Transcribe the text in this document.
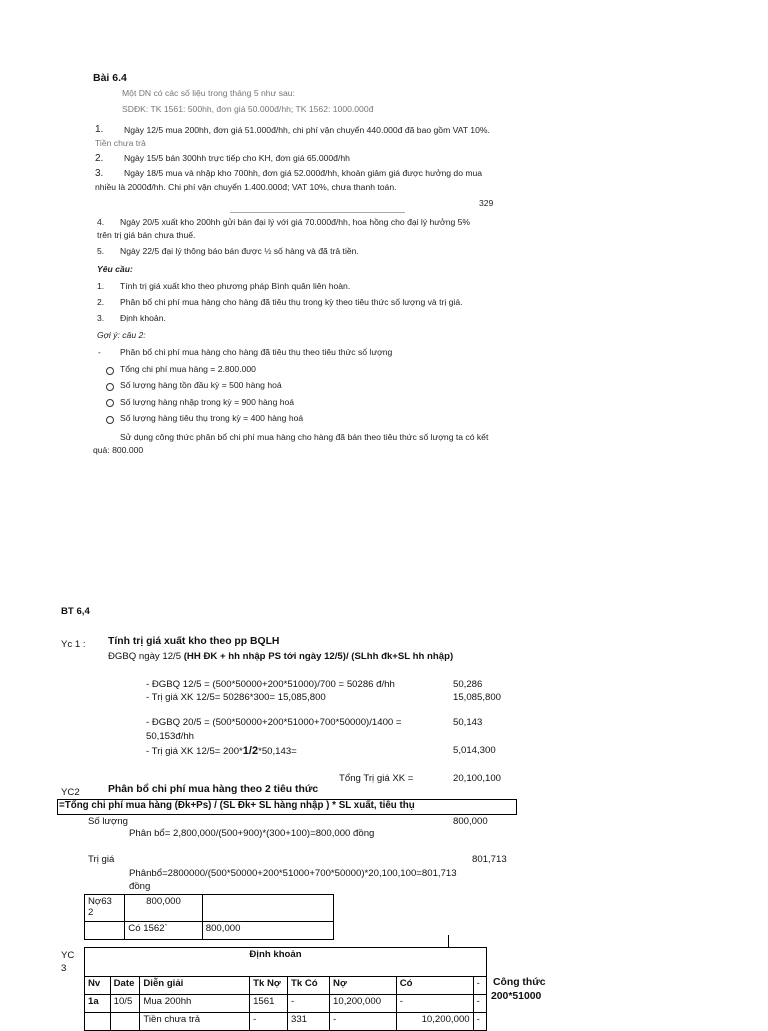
Bài 6.4
Một DN có các số liệu trong tháng 5 như sau:
SDĐK: TK 1561: 500hh, đơn giá 50.000đ/hh; TK 1562: 1000.000đ
1. Ngày 12/5 mua 200hh, đơn giá 51.000đ/hh, chi phí vận chuyển 440.000đ đã bao gồm VAT 10%.
Tiền chưa trả
2. Ngày 15/5 bán 300hh trực tiếp cho KH, đơn giá 65.000đ/hh
3. Ngày 18/5 mua và nhập kho 700hh, đơn giá 52.000đ/hh, khoản giảm giá được hưởng do mua
nhiều là 2000đ/hh. Chi phí vận chuyển 1.400.000đ; VAT 10%, chưa thanh toán.
329
4. Ngày 20/5 xuất kho 200hh gửi bán đại lý với giá 70.000đ/hh, hoa hồng cho đại lý hưởng 5%
trên trị giá bán chưa thuế.
5. Ngày 22/5 đại lý thông báo bán được ½ số hàng và đã trả tiền.
Yêu cầu:
1. Tính trị giá xuất kho theo phương pháp Bình quân liên hoàn.
2. Phân bổ chi phí mua hàng cho hàng đã tiêu thụ trong kỳ theo tiêu thức số lượng và trị giá.
3. Định khoản.
Gợi ý: câu 2:
- Phân bổ chi phí mua hàng cho hàng đã tiêu thụ theo tiêu thức số lượng
Tổng chi phí mua hàng = 2.800.000
Số lượng hàng tồn đầu kỳ = 500 hàng hoá
Số lượng hàng nhập trong kỳ = 900 hàng hoá
Số lượng hàng tiêu thụ trong kỳ = 400 hàng hoá
Sử dụng công thức phân bổ chi phí mua hàng cho hàng đã bán theo tiêu thức số lượng ta có kết
quả: 800.000
BT 6,4
Yc 1 : Tính trị giá xuất kho theo pp BQLH
ĐGBQ ngày 12/5 (HH ĐK + hh nhập PS tới ngày 12/5)/ (SLhh đk+SL hh nhập)
- ĐGBQ 12/5 = (500*50000+200*51000)/700 = 50286 đ/hh	50,286
- Trị giá XK 12/5= 50286*300= 15,085,800	15,085,800
- ĐGBQ 20/5 = (500*50000+200*51000+700*50000)/1400 =	50,143
50,153đ/hh
- Trị giá XK 12/5= 200*1/2*50,143=	5,014,300
Tổng Trị giá XK =	20,100,100
YC2	Phân bổ chi phí mua hàng theo 2 tiêu thức
=Tổng chi phí mua hàng (Đk+Ps) / (SL Đk+ SL hàng nhập ) * SL xuất, tiêu thụ
Số lượng	800,000
Phân bổ= 2,800,000/(500+900)*(300+100)=800,000 đồng
Trị giá	801,713
Phânbổ=2800000/(500*50000+200*51000+700*50000)*20,100,100=801,713
đồng
Nợ63
2	800,000	
	Có 1562`	800,000
YC
3
Định khoản							
Nv	Date	Diễn giải	Tk Nợ	Tk Có	Nợ	Có	-
1a	10/5	Mua 200hh	1561	-	10,200,000	-	-
		Tiền chưa trả	-	331	-	10,200,000	-
Công thức
200*51000
